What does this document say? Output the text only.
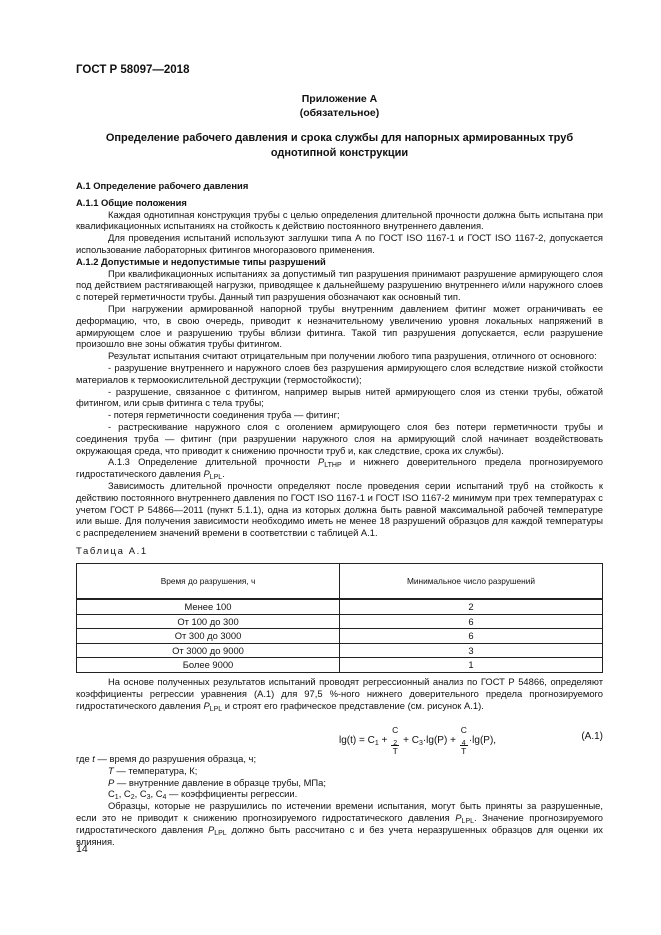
ГОСТ Р 58097—2018
Приложение А
(обязательное)
Определение рабочего давления и срока службы для напорных армированных труб
однотипной конструкции

А.1 Определение рабочего давления

А.1.1 Общие положения

Каждая однотипная конструкция трубы с целью определения длительной прочности должна быть испытана при квалификационных испытаниях на стойкость к действию постоянного внутреннего давления.

Для проведения испытаний используют заглушки типа А по ГОСТ ISO 1167-1 и ГОСТ ISO 1167-2, допускается использование лабораторных фитингов многоразового применения.

А.1.2 Допустимые и недопустимые типы разрушений

При квалификационных испытаниях за допустимый тип разрушения принимают разрушение армирующего слоя под действием растягивающей нагрузки, приводящее к дальнейшему разрушению внутреннего и/или наружного слоев с потерей герметичности трубы. Данный тип разрушения обозначают как основный тип.

При нагружении армированной напорной трубы внутренним давлением фитинг может ограничивать ее деформацию, что, в свою очередь, приводит к незначительному увеличению уровня локальных напряжений в армирующем слое и разрушению трубы вблизи фитинга. Такой тип разрушения допускается, если разрушение произошло вне зоны обжатия трубы фитингом.

Результат испытания считают отрицательным при получении любого типа разрушения, отличного от основного:

- разрушение внутреннего и наружного слоев без разрушения армирующего слоя вследствие низкой стойкости материалов к термоокислительной деструкции (термостойкости);

- разрушение, связанное с фитингом, например вырыв нитей армирующего слоя из стенки трубы, обжатой фитингом, или срыв фитинга с тела трубы;

- потеря герметичности соединения труба — фитинг;

- растрескивание наружного слоя с оголением армирующего слоя без потери герметичности трубы и соединения труба — фитинг (при разрушении наружного слоя на армирующий слой начинает воздействовать окружающая среда, что приводит к снижению прочности труб и, как следствие, срока их службы).

А.1.3 Определение длительной прочности $P_{LTHP}$ и нижнего доверительного предела прогнозируемого гидростатического давления $P_{LPL}$.

Зависимость длительной прочности определяют после проведения серии испытаний труб на стойкость к действию постоянного внутреннего давления по ГОСТ ISO 1167-1 и ГОСТ ISO 1167-2 минимум при трех температурах с учетом ГОСТ Р 54866—2011 (пункт 5.1.1), одна из которых должна быть равной максимальной рабочей температуре или выше. Для получения зависимости необходимо иметь не менее 18 разрушений образцов для каждой температуры с распределением значений времени в соответствии с таблицей А.1.

Таблица А.1
Время до разрушения, ч	Минимальное число разрушений
Менее 100	2
От 100 до 300	6
От 300 до 3000	6
От 3000 до 9000	3
Более 9000	1

На основе полученных результатов испытаний проводят регрессионный анализ по ГОСТ Р 54866, определяют коэффициенты регрессии уравнения (А.1) для 97,5 %-ного нижнего доверительного предела прогнозируемого гидростатического давления $P_{LPL}$ и строят его графическое представление (см. рисунок А.1).

$\lg(t) = C_1 + C$
$_2$
$T + C_3\cdot\lg(P) + C$
$_4$
T ·lg(P),	(А.1)

где t — время до разрушения образца, ч;

T — температура, К;

P — внутренние давление в образце трубы, МПа;

$C_1$, $C_2$, $C_3$, $C_4$ — коэффициенты регрессии.

Образцы, которые не разрушились по истечении времени испытания, могут быть приняты за разрушенные, если это не приводит к снижению прогнозируемого гидростатического давления $P_{LPL}$. Значение прогнозируемого гидростатического давления $P_{LPL}$ должно быть рассчитано с и без учета неразрушенных образцов для оценки их влияния.

14
